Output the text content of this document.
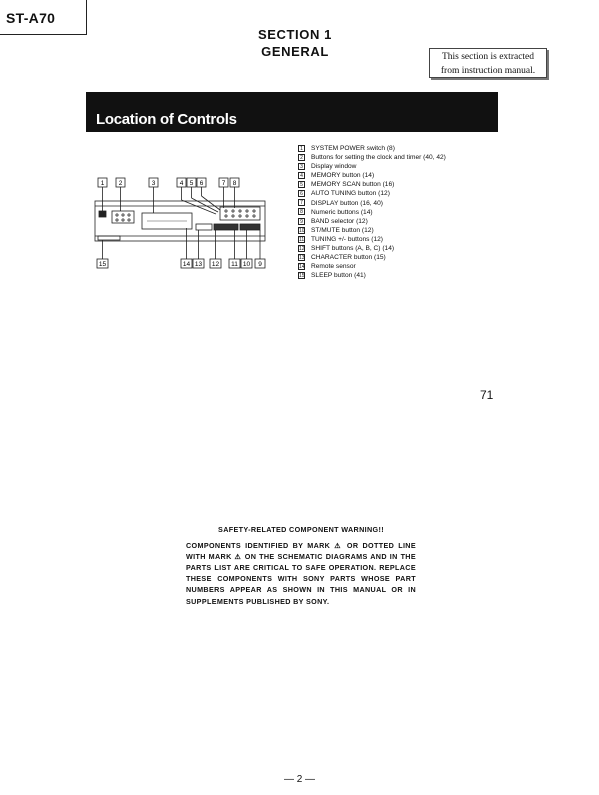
ST-A70
SECTION 1
GENERAL	This section is extracted
from instruction manual.
Location of Controls
1 2	3	4 5 6	7 8
15	14 13 12 11 10 9
1 SYSTEM POWER switch (8)
2 Buttons for setting the clock and timer (40, 42)
3 Display window
4 MEMORY button (14)
5 MEMORY SCAN button (16)
6 AUTO TUNING button (12)
7 DISPLAY button (16, 40)
8 Numeric buttons (14)
9 BAND selector (12)
10 ST/MUTE button (12)
11 TUNING +/- buttons (12)
12 SHIFT buttons (A, B, C) (14)
13 CHARACTER button (15)
14 Remote sensor
15 SLEEP button (41)
71
SAFETY-RELATED COMPONENT WARNING!!
COMPONENTS IDENTIFIED BY MARK ⚠ OR DOTTED LINE WITH MARK ⚠ ON THE SCHEMATIC DIAGRAMS AND IN THE PARTS LIST ARE CRITICAL TO SAFE OPERATION. REPLACE THESE COMPONENTS WITH SONY PARTS WHOSE PART NUMBERS APPEAR AS SHOWN IN THIS MANUAL OR IN SUPPLEMENTS PUBLISHED BY SONY.
— 2 —
